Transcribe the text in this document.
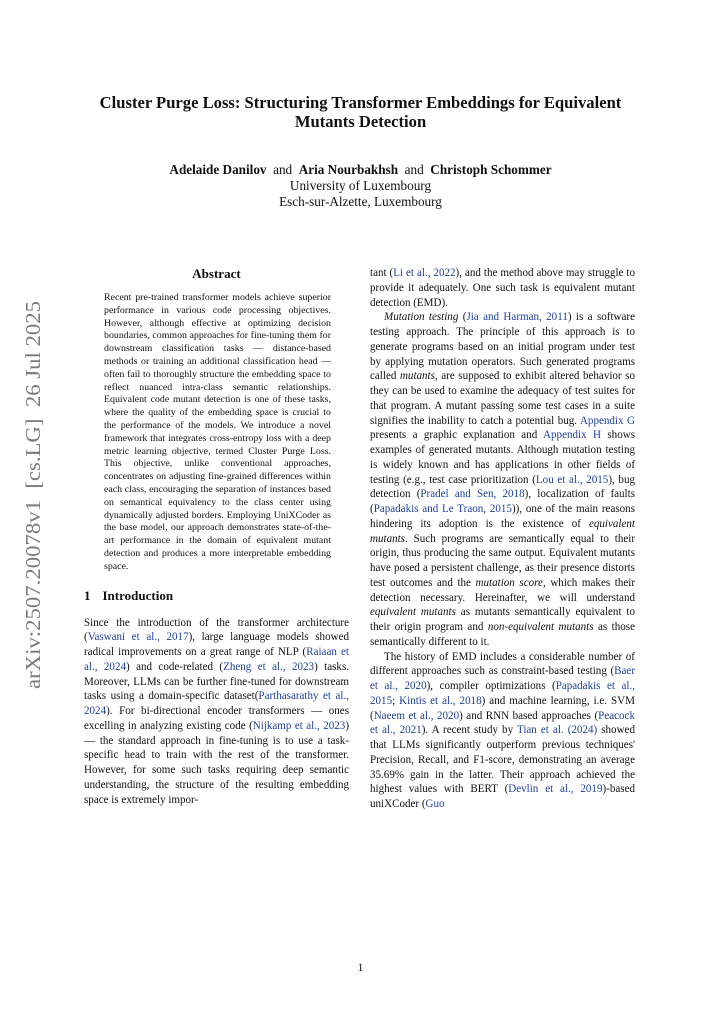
arXiv:2507.20078v1  [cs.LG]  26 Jul 2025
Cluster Purge Loss: Structuring Transformer Embeddings for Equivalent Mutants Detection
Adelaide Danilov and Aria Nourbakhsh and Christoph Schommer
University of Luxembourg
Esch-sur-Alzette, Luxembourg
Abstract

Recent pre-trained transformer models achieve superior performance in various code processing objectives. However, although effective at optimizing decision boundaries, common approaches for fine-tuning them for downstream classification tasks — distance-based methods or training an additional classification head — often fail to thoroughly structure the embedding space to reflect nuanced intra-class semantic relationships. Equivalent code mutant detection is one of these tasks, where the quality of the embedding space is crucial to the performance of the models. We introduce a novel framework that integrates cross-entropy loss with a deep metric learning objective, termed Cluster Purge Loss. This objective, unlike conventional approaches, concentrates on adjusting fine-grained differences within each class, encouraging the separation of instances based on semantical equivalency to the class center using dynamically adjusted borders. Employing UniXCoder as the base model, our approach demonstrates state-of-the-art performance in the domain of equivalent mutant detection and produces a more interpretable embedding space.

1 Introduction

Since the introduction of the transformer architecture (Vaswani et al., 2017), large language models showed radical improvements on a great range of NLP (Raiaan et al., 2024) and code-related (Zheng et al., 2023) tasks. Moreover, LLMs can be further fine-tuned for downstream tasks using a domain-specific dataset(Parthasarathy et al., 2024). For bi-directional encoder transformers — ones excelling in analyzing existing code (Nijkamp et al., 2023) — the standard approach in fine-tuning is to use a task-specific head to train with the rest of the transformer. However, for some such tasks requiring deep semantic understanding, the structure of the resulting embedding space is extremely impor-

tant (Li et al., 2022), and the method above may struggle to provide it adequately. One such task is equivalent mutant detection (EMD).

Mutation testing (Jia and Harman, 2011) is a software testing approach. The principle of this approach is to generate programs based on an initial program under test by applying mutation operators. Such generated programs called mutants, are supposed to exhibit altered behavior so they can be used to examine the adequacy of test suites for that program. A mutant passing some test cases in a suite signifies the inability to catch a potential bug. Appendix G presents a graphic explanation and Appendix H shows examples of generated mutants. Although mutation testing is widely known and has applications in other fields of testing (e.g., test case prioritization (Lou et al., 2015), bug detection (Pradel and Sen, 2018), localization of faults (Papadakis and Le Traon, 2015)), one of the main reasons hindering its adoption is the existence of equivalent mutants. Such programs are semantically equal to their origin, thus producing the same output. Equivalent mutants have posed a persistent challenge, as their presence distorts test outcomes and the mutation score, which makes their detection necessary. Hereinafter, we will understand equivalent mutants as mutants semantically equivalent to their origin program and non-equivalent mutants as those semantically different to it.

The history of EMD includes a considerable number of different approaches such as constraint-based testing (Baer et al., 2020), compiler optimizations (Papadakis et al., 2015; Kintis et al., 2018) and machine learning, i.e. SVM (Naeem et al., 2020) and RNN based approaches (Peacock et al., 2021). A recent study by Tian et al. (2024) showed that LLMs significantly outperform previous techniques' Precision, Recall, and F1-score, demonstrating an average 35.69% gain in the latter. Their approach achieved the highest values with BERT (Devlin et al., 2019)-based uniXCoder (Guo

1
